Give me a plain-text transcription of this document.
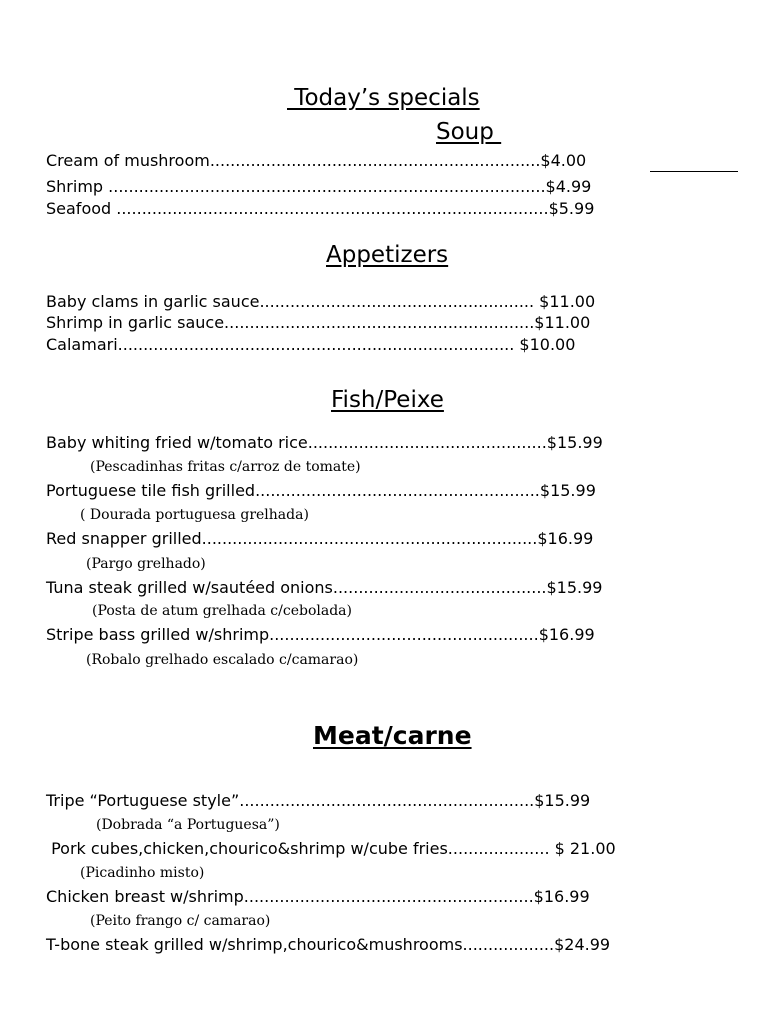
Today’s specials
Soup
Cream of mushroom.................................................................$4.00
Shrimp ......................................................................................$4.99
Seafood .....................................................................................$5.99
Appetizers
Baby clams in garlic sauce...................................................... $11.00
Shrimp in garlic sauce.............................................................$11.00
Calamari.............................................................................. $10.00
Fish/Peixe
Baby whiting fried w/tomato rice...............................................$15.99
(Pescadinhas fritas c/arroz de tomate)
Portuguese tile fish grilled........................................................$15.99
( Dourada portuguesa grelhada)
Red snapper grilled..................................................................$16.99
(Pargo grelhado)
Tuna steak grilled w/sautéed onions..........................................$15.99
(Posta de atum grelhada c/cebolada)
Stripe bass grilled w/shrimp.....................................................$16.99
(Robalo grelhado escalado c/camarao)
Meat/carne
Tripe “Portuguese style”..........................................................$15.99
(Dobrada “a Portuguesa”)
Pork cubes,chicken,chourico&shrimp w/cube fries.................... $ 21.00
(Picadinho misto)
Chicken breast w/shrimp.........................................................$16.99
(Peito frango c/ camarao)
T-bone steak grilled w/shrimp,chourico&mushrooms..................$24.99
